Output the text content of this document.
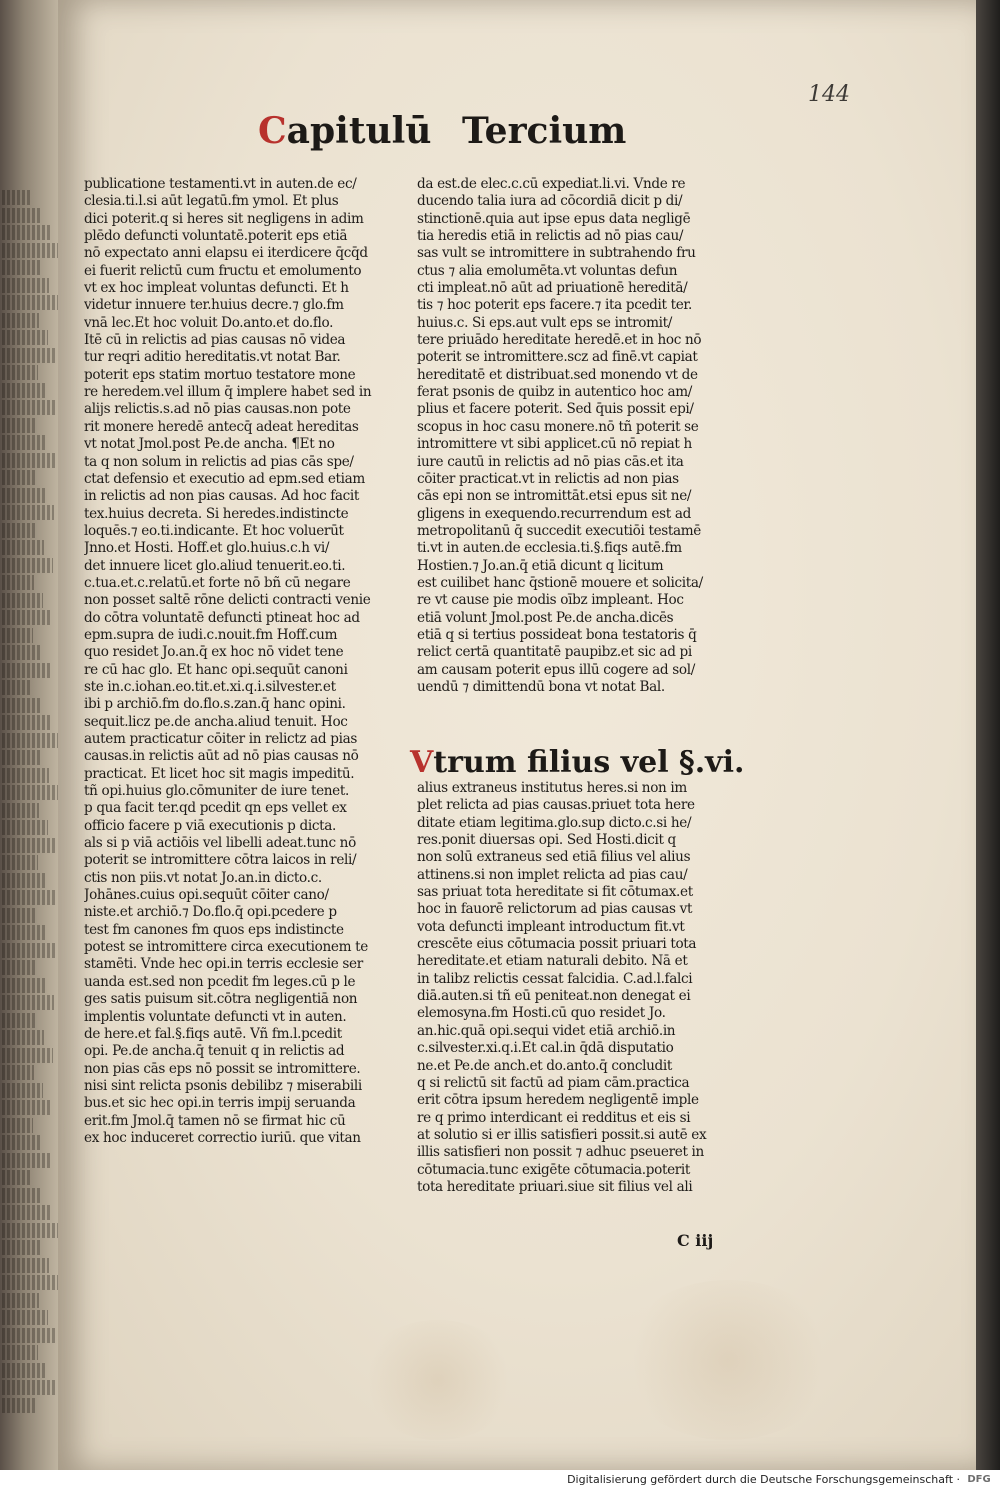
144
Capitulū Tercium
publicatione testamenti.vt in auten.de ec/
clesia.ti.l.si aūt legatū.fm ymol. Et plus
dici poterit.q si heres sit negligens in adim
plēdo defuncti voluntatē.poterit eps etiā
nō expectato anni elapsu ei iterdicere q̄cq̄d
ei fuerit relictū cum fructu et emolumento
vt ex hoc impleat voluntas defuncti. Et h
videtur innuere ter.huius decre.⁊ glo.fm
vnā lec.Et hoc voluit Do.anto.et do.flo.
Itē cū in relictis ad pias causas nō videa
tur reqri aditio hereditatis.vt notat Bar.
poterit eps statim mortuo testatore mone
re heredem.vel illum q̄ implere habet sed in
alijs relictis.s.ad nō pias causas.non pote
rit monere heredē antecq̄ adeat hereditas
vt notat Jmol.post Pe.de ancha. ¶Et no
ta q non solum in relictis ad pias cās spe/
ctat defensio et executio ad epm.sed etiam
in relictis ad non pias causas. Ad hoc facit
tex.huius decreta. Si heredes.indistincte
loquēs.⁊ eo.ti.indicante. Et hoc voluerūt
Jnno.et Hosti. Hoff.et glo.huius.c.h vi/
det innuere licet glo.aliud tenuerit.eo.ti.
c.tua.et.c.relatū.et forte nō bñ cū negare
non posset saltē rōne delicti contracti venie
do cōtra voluntatē defuncti ptineat hoc ad
epm.supra de iudi.c.nouit.fm Hoff.cum
quo residet Jo.an.q̄ ex hoc nō videt tene
re cū hac glo. Et hanc opi.sequūt canoni
ste in.c.iohan.eo.tit.et.xi.q.i.silvester.et
ibi p archiō.fm do.flo.s.zan.q̄ hanc opini.
sequit.licz pe.de ancha.aliud tenuit. Hoc
autem practicatur cōiter in relictz ad pias
causas.in relictis aūt ad nō pias causas nō
practicat. Et licet hoc sit magis impeditū.
tñ opi.huius glo.cōmuniter de iure tenet.
p qua facit ter.qd pcedit qn eps vellet ex
officio facere p viā executionis p dicta.
als si p viā actiōis vel libelli adeat.tunc nō
poterit se intromittere cōtra laicos in reli/
ctis non piis.vt notat Jo.an.in dicto.c.
Johānes.cuius opi.sequūt cōiter cano/
niste.et archiō.⁊ Do.flo.q̄ opi.pcedere p
test fm canones fm quos eps indistincte
potest se intromittere circa executionem te
stamēti. Vnde hec opi.in terris ecclesie ser
uanda est.sed non pcedit fm leges.cū p le
ges satis puisum sit.cōtra negligentiā non
implentis voluntate defuncti vt in auten.
de here.et fal.§.fiqs autē. Vñ fm.l.pcedit
opi. Pe.de ancha.q̄ tenuit q in relictis ad
non pias cās eps nō possit se intromittere.
nisi sint relicta psonis debilibz ⁊ miserabili
bus.et sic hec opi.in terris impij seruanda
erit.fm Jmol.q̄ tamen nō se firmat hic cū
ex hoc induceret correctio iuriū. que vitan
da est.de elec.c.cū expediat.li.vi. Vnde re
ducendo talia iura ad cōcordiā dicit p di/
stinctionē.quia aut ipse epus data negligē
tia heredis etiā in relictis ad nō pias cau/
sas vult se intromittere in subtrahendo fru
ctus ⁊ alia emolumēta.vt voluntas defun
cti impleat.nō aūt ad priuationē hereditā/
tis ⁊ hoc poterit eps facere.⁊ ita pcedit ter.
huius.c. Si eps.aut vult eps se intromit/
tere priuādo hereditate heredē.et in hoc nō
poterit se intromittere.scz ad finē.vt capiat
hereditatē et distribuat.sed monendo vt de
ferat psonis de quibz in autentico hoc am/
plius et facere poterit. Sed q̄uis possit epi/
scopus in hoc casu monere.nō tñ poterit se
intromittere vt sibi applicet.cū nō repiat h
iure cautū in relictis ad nō pias cās.et ita
cōiter practicat.vt in relictis ad non pias
cās epi non se intromittāt.etsi epus sit ne/
gligens in exequendo.recurrendum est ad
metropolitanū q̄ succedit executiōi testamē
ti.vt in auten.de ecclesia.ti.§.fiqs autē.fm
Hostien.⁊ Jo.an.q̄ etiā dicunt q licitum
est cuilibet hanc q̄stionē mouere et solicita/
re vt cause pie modis oībz impleant. Hoc
etiā volunt Jmol.post Pe.de ancha.dicēs
etiā q si tertius possideat bona testatoris q̄
relict certā quantitatē paupibz.et sic ad pi
am causam poterit epus illū cogere ad sol/
uendū ⁊ dimittendū bona vt notat Bal.
Vtrum filius vel §.vi.
alius extraneus institutus heres.si non im
plet relicta ad pias causas.priuet tota here
ditate etiam legitima.glo.sup dicto.c.si he/
res.ponit diuersas opi. Sed Hosti.dicit q
non solū extraneus sed etiā filius vel alius
attinens.si non implet relicta ad pias cau/
sas priuat tota hereditate si fit cōtumax.et
hoc in fauorē relictorum ad pias causas vt
vota defuncti impleant introductum fit.vt
crescēte eius cōtumacia possit priuari tota
hereditate.et etiam naturali debito. Nā et
in talibz relictis cessat falcidia. C.ad.l.falci
diā.auten.si tñ eū peniteat.non denegat ei
elemosyna.fm Hosti.cū quo residet Jo.
an.hic.quā opi.sequi videt etiā archiō.in
c.silvester.xi.q.i.Et cal.in q̄dā disputatio
ne.et Pe.de anch.et do.anto.q̄ concludit
q si relictū sit factū ad piam cām.practica
erit cōtra ipsum heredem negligentē imple
re q primo interdicant ei redditus et eis si
at solutio si er illis satisfieri possit.si autē ex
illis satisfieri non possit ⁊ adhuc pseueret in
cōtumacia.tunc exigēte cōtumacia.poterit
tota hereditate priuari.siue sit filius vel ali
C iij
Digitalisierung gefördert durch die Deutsche Forschungsgemeinschaft · DFG
